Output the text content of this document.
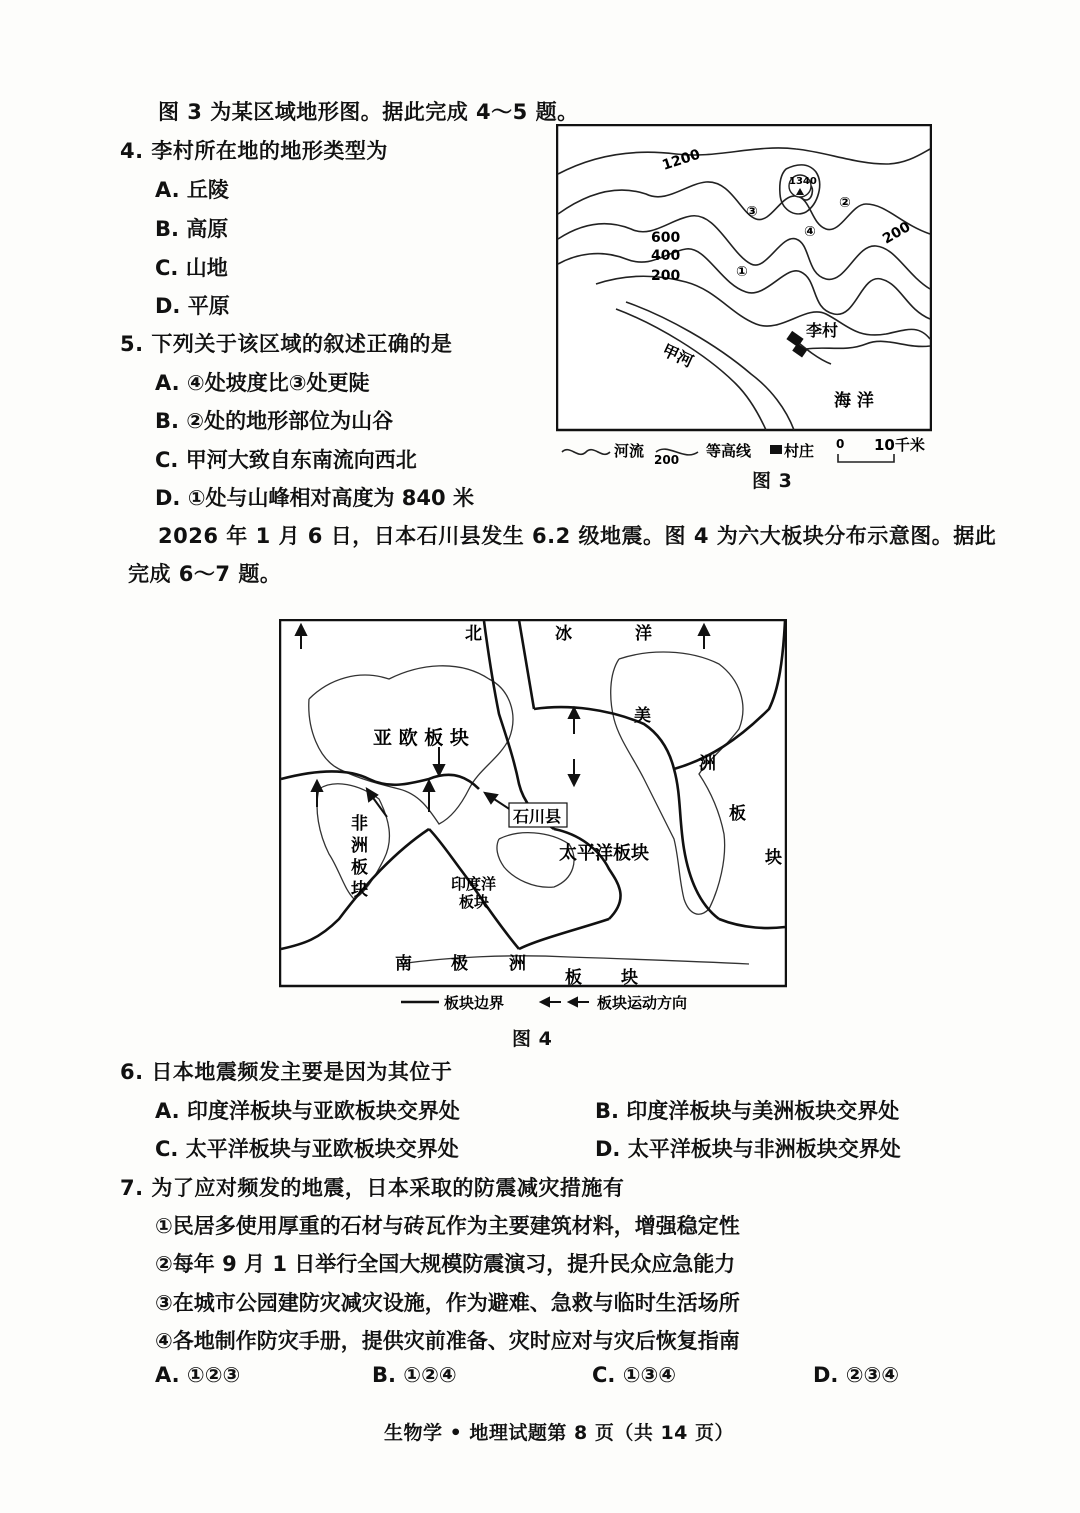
图 3 为某区域地形图。据此完成 4～5 题。
4. 李村所在地的地形类型为
A. 丘陵
B. 高原
C. 山地
D. 平原
5. 下列关于该区域的叙述正确的是
A. ④处坡度比③处更陡
B. ②处的地形部位为山谷
C. 甲河大致自东南流向西北
D. ①处与山峰相对高度为 840 米
1340
1200
600
400
200
200
③
②
④
①
李村
甲河
海 洋
河流 200 等高线 村庄 0 10千米
图 3
2026 年 1 月 6 日，日本石川县发生 6.2 级地震。图 4 为六大板块分布示意图。据此
完成 6～7 题。
北	冰	洋
亚 欧 板 块
非
洲
板
块
太平洋板块
印度洋
板块
石川县
美
洲
板
块
南 极 洲
板 块
板块边界	板块运动方向
图 4
6. 日本地震频发主要是因为其位于
A. 印度洋板块与亚欧板块交界处	B. 印度洋板块与美洲板块交界处
C. 太平洋板块与亚欧板块交界处	D. 太平洋板块与非洲板块交界处
7. 为了应对频发的地震，日本采取的防震减灾措施有
①民居多使用厚重的石材与砖瓦作为主要建筑材料，增强稳定性
②每年 9 月 1 日举行全国大规模防震演习，提升民众应急能力
③在城市公园建防灾减灾设施，作为避难、急救与临时生活场所
④各地制作防灾手册，提供灾前准备、灾时应对与灾后恢复指南
A. ①②③	B. ①②④	C. ①③④	D. ②③④
生物学 • 地理试题第 8 页（共 14 页）
